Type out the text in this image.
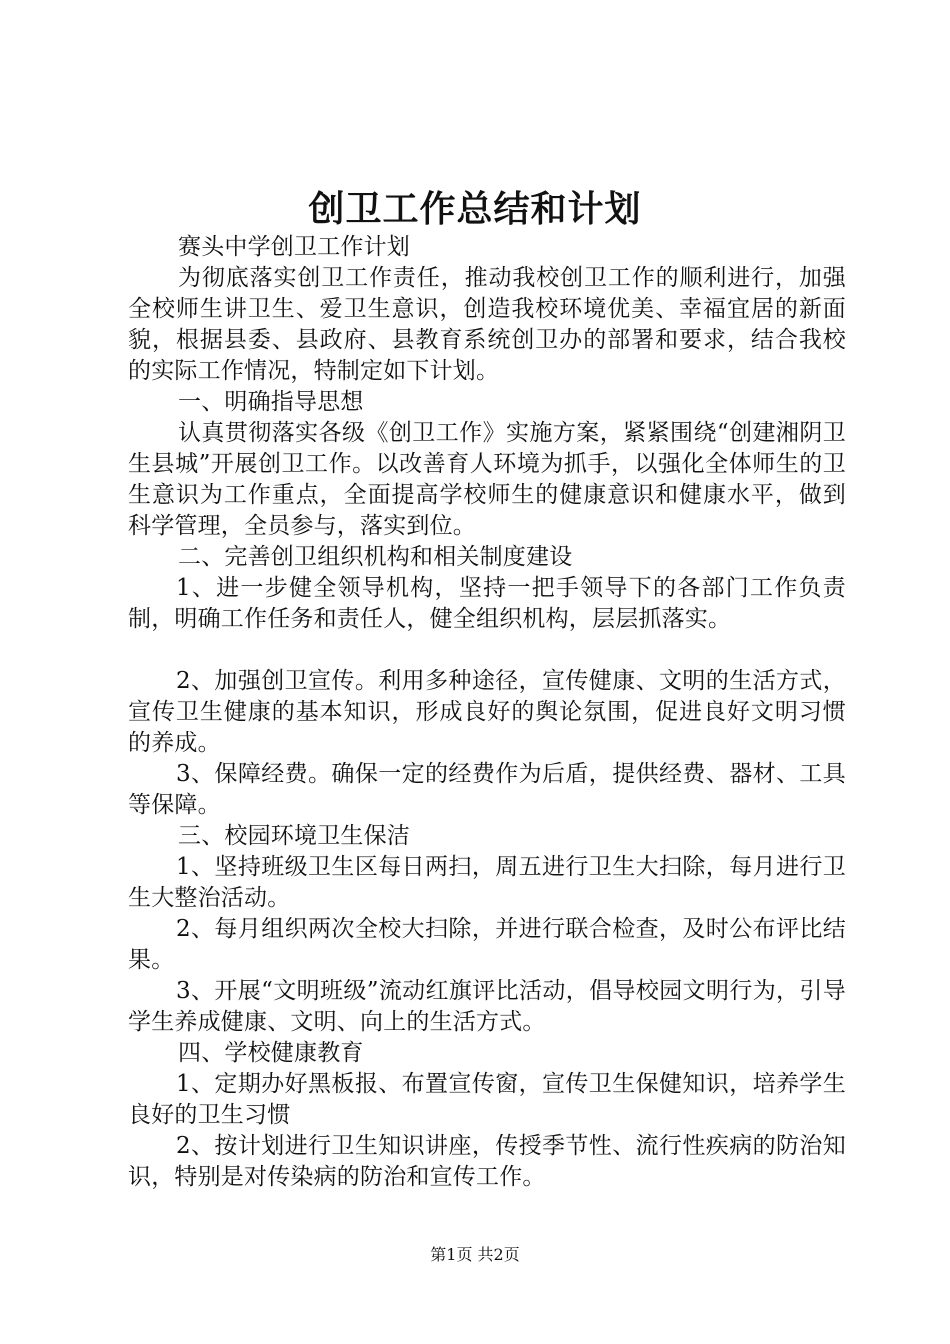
创卫工作总结和计划

赛头中学创卫工作计划

为彻底落实创卫工作责任，推动我校创卫工作的顺利进行，加强全校师生讲卫生、爱卫生意识，创造我校环境优美、幸福宜居的新面貌，根据县委、县政府、县教育系统创卫办的部署和要求，结合我校的实际工作情况，特制定如下计划。

一、明确指导思想

认真贯彻落实各级《创卫工作》实施方案，紧紧围绕“创建湘阴卫生县城”开展创卫工作。以改善育人环境为抓手，以强化全体师生的卫生意识为工作重点，全面提高学校师生的健康意识和健康水平，做到科学管理，全员参与，落实到位。

二、完善创卫组织机构和相关制度建设

1、进一步健全领导机构，坚持一把手领导下的各部门工作负责制，明确工作任务和责任人，健全组织机构，层层抓落实。

2、加强创卫宣传。利用多种途径，宣传健康、文明的生活方式，宣传卫生健康的基本知识，形成良好的舆论氛围，促进良好文明习惯的养成。

3、保障经费。确保一定的经费作为后盾，提供经费、器材、工具等保障。

三、校园环境卫生保洁

1、坚持班级卫生区每日两扫，周五进行卫生大扫除，每月进行卫生大整治活动。

2、每月组织两次全校大扫除，并进行联合检查，及时公布评比结果。

3、开展“文明班级”流动红旗评比活动，倡导校园文明行为，引导学生养成健康、文明、向上的生活方式。

四、学校健康教育

1、定期办好黑板报、布置宣传窗，宣传卫生保健知识，培养学生良好的卫生习惯

2、按计划进行卫生知识讲座，传授季节性、流行性疾病的防治知识，特别是对传染病的防治和宣传工作。

第1页 共2页
